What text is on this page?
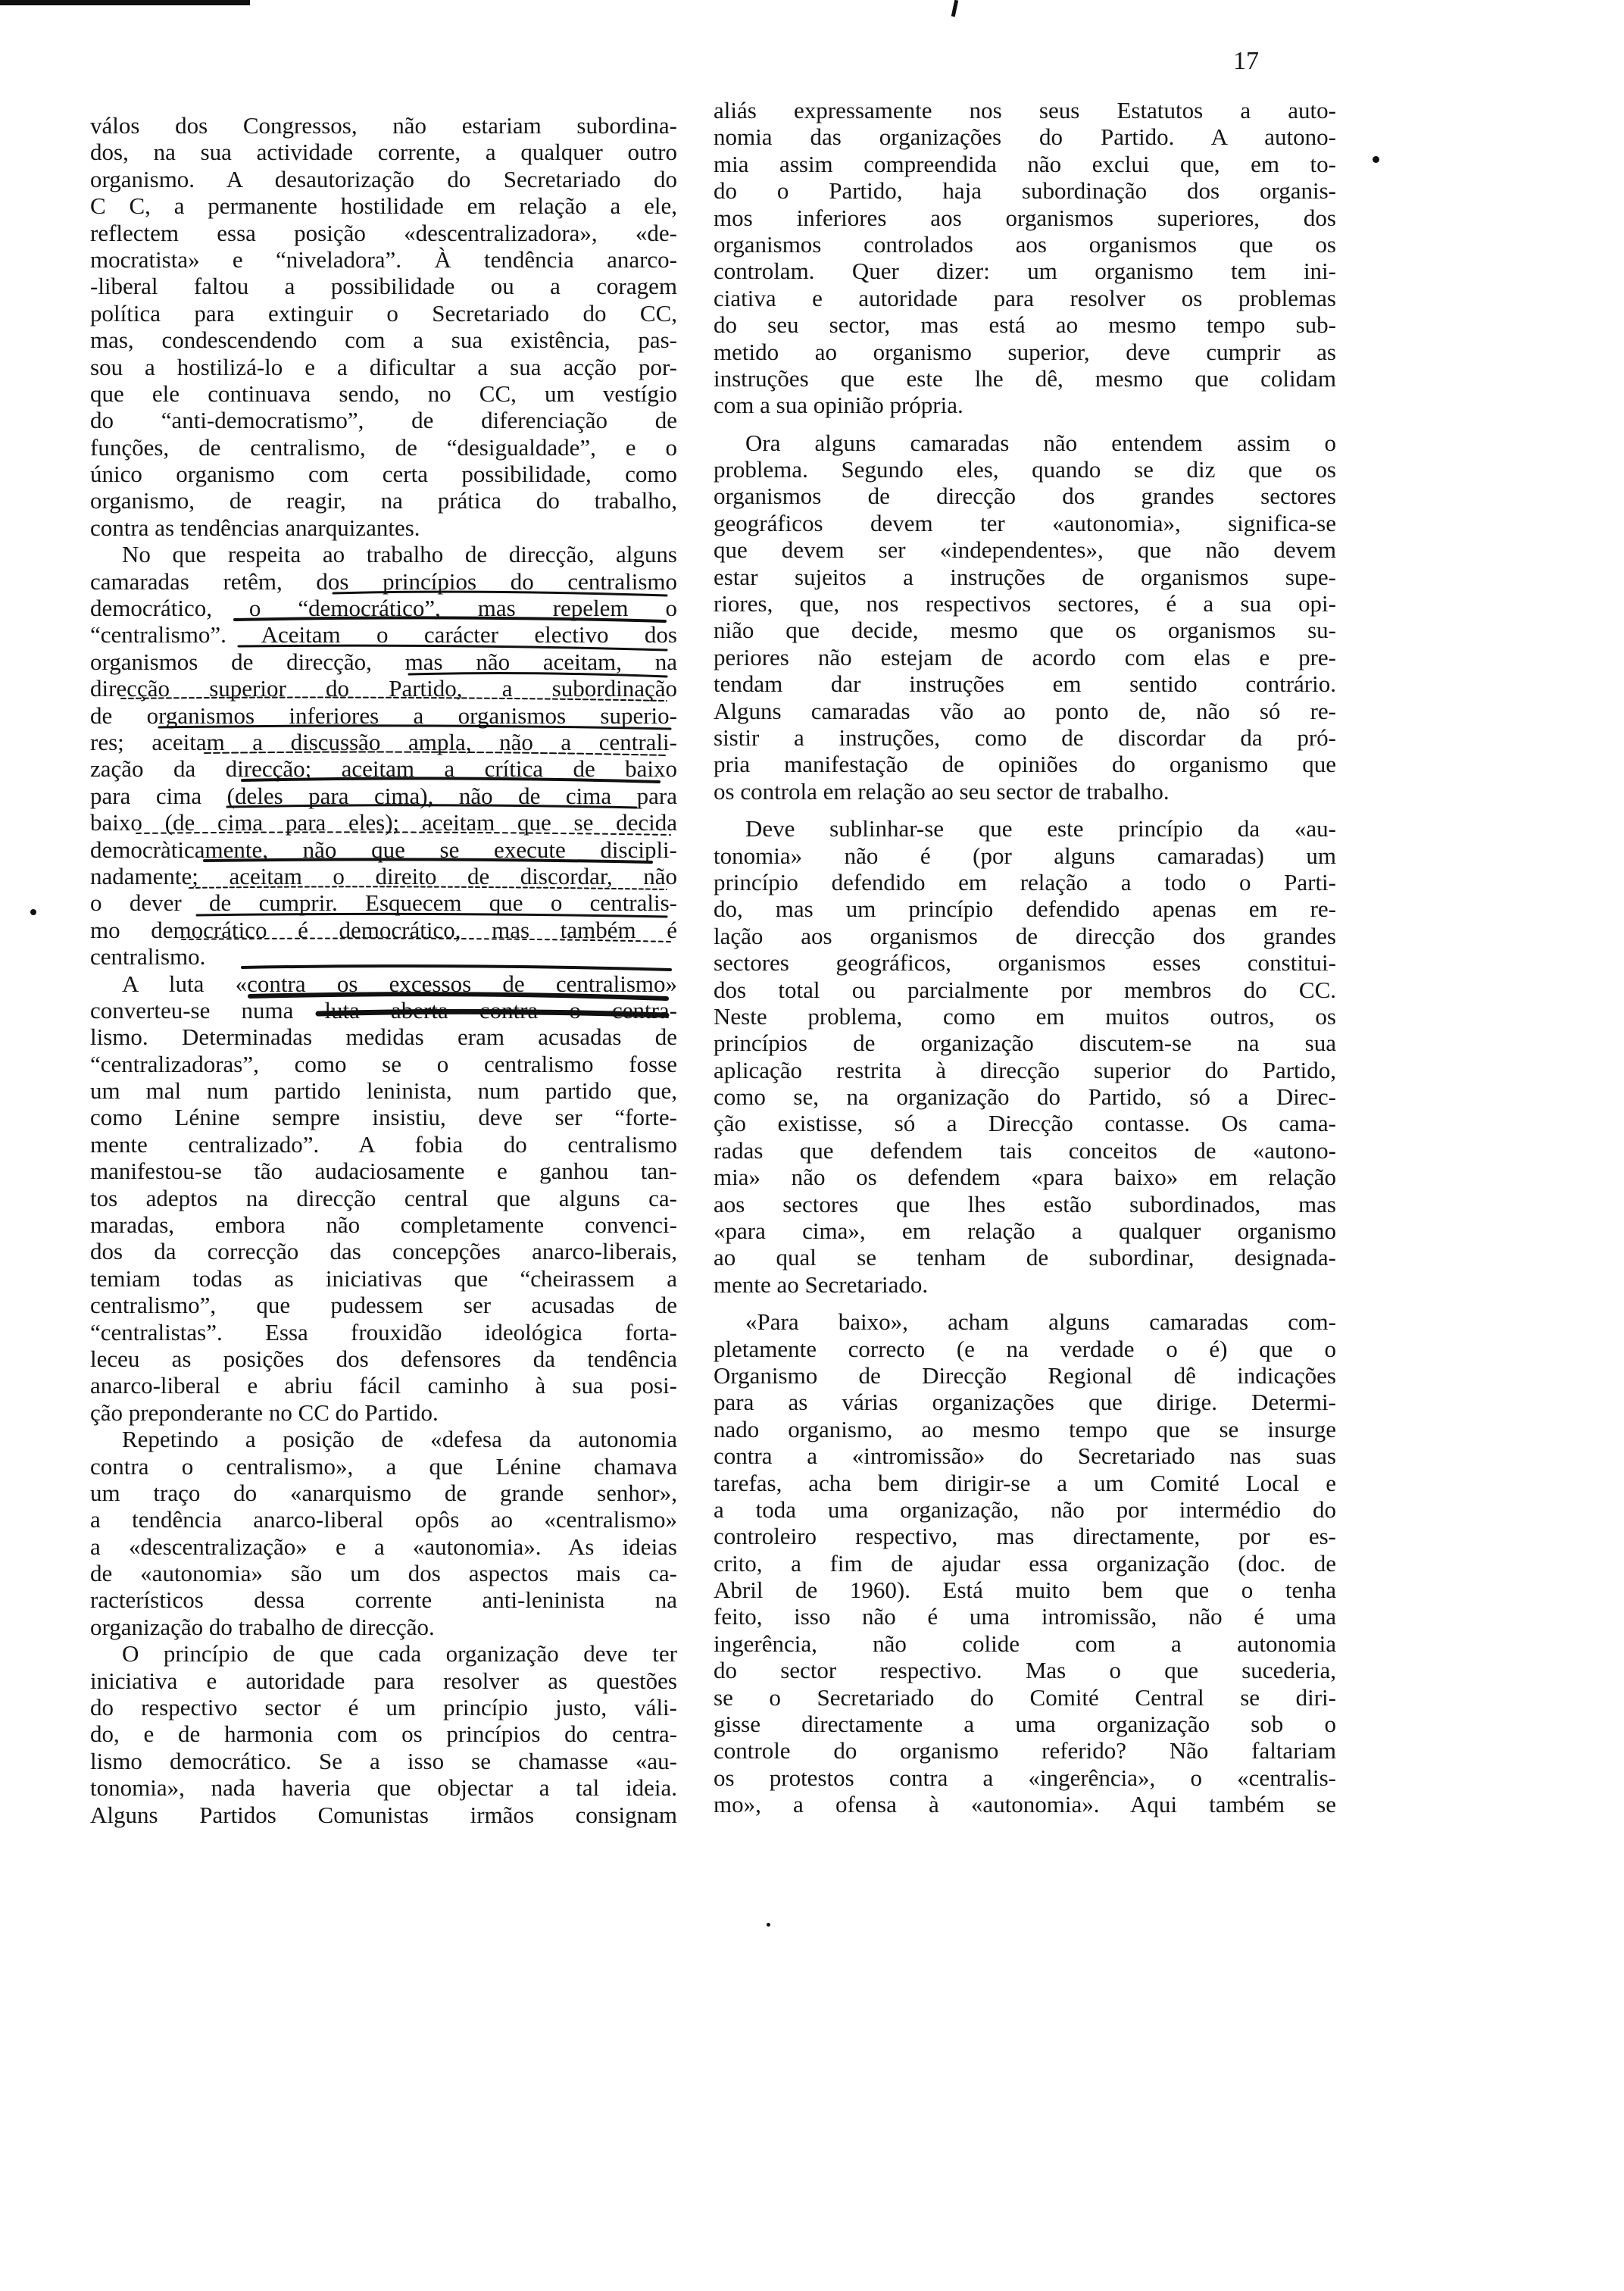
17
válos dos Congressos, não estariam subordina-
dos, na sua actividade corrente, a qualquer outro
organismo. A desautorização do Secretariado do
C C, a permanente hostilidade em relação a ele,
reflectem essa posição «descentralizadora», «de-
mocratista» e “niveladora”. À tendência anarco-
-liberal faltou a possibilidade ou a coragem
política para extinguir o Secretariado do CC,
mas, condescendendo com a sua existência, pas-
sou a hostilizá-lo e a dificultar a sua acção por-
que ele continuava sendo, no CC, um vestígio
do “anti-democratismo”, de diferenciação de
funções, de centralismo, de “desigualdade”, e o
único organismo com certa possibilidade, como
organismo, de reagir, na prática do trabalho,
contra as tendências anarquizantes.
No que respeita ao trabalho de direcção, alguns
camaradas retêm, dos princípios do centralismo
democrático, o “democrático”, mas repelem o
“centralismo”. Aceitam o carácter electivo dos
organismos de direcção, mas não aceitam, na
direcção superior do Partido, a subordinação
de organismos inferiores a organismos superio-
res; aceitam a discussão ampla, não a centrali-
zação da direcção; aceitam a crítica de baixo
para cima (deles para cima), não de cima para
baixo (de cima para eles); aceitam que se decida
democràticamente, não que se execute discipli-
nadamente; aceitam o direito de discordar, não
o dever de cumprir. Esquecem que o centralis-
mo democrático é democrático, mas também é
centralismo.
A luta «contra os excessos de centralismo»
converteu-se numa luta aberta contra o centra-
lismo. Determinadas medidas eram acusadas de
“centralizadoras”, como se o centralismo fosse
um mal num partido leninista, num partido que,
como Lénine sempre insistiu, deve ser “forte-
mente centralizado”. A fobia do centralismo
manifestou-se tão audaciosamente e ganhou tan-
tos adeptos na direcção central que alguns ca-
maradas, embora não completamente convenci-
dos da correcção das concepções anarco-liberais,
temiam todas as iniciativas que “cheirassem a
centralismo”, que pudessem ser acusadas de
“centralistas”. Essa frouxidão ideológica forta-
leceu as posições dos defensores da tendência
anarco-liberal e abriu fácil caminho à sua posi-
ção preponderante no CC do Partido.
Repetindo a posição de «defesa da autonomia
contra o centralismo», a que Lénine chamava
um traço do «anarquismo de grande senhor»,
a tendência anarco-liberal opôs ao «centralismo»
a «descentralização» e a «autonomia». As ideias
de «autonomia» são um dos aspectos mais ca-
racterísticos dessa corrente anti-leninista na
organização do trabalho de direcção.
O princípio de que cada organização deve ter
iniciativa e autoridade para resolver as questões
do respectivo sector é um princípio justo, váli-
do, e de harmonia com os princípios do centra-
lismo democrático. Se a isso se chamasse «au-
tonomia», nada haveria que objectar a tal ideia.
Alguns Partidos Comunistas irmãos consignam
aliás expressamente nos seus Estatutos a auto-
nomia das organizações do Partido. A autono-
mia assim compreendida não exclui que, em to-
do o Partido, haja subordinação dos organis-
mos inferiores aos organismos superiores, dos
organismos controlados aos organismos que os
controlam. Quer dizer: um organismo tem ini-
ciativa e autoridade para resolver os problemas
do seu sector, mas está ao mesmo tempo sub-
metido ao organismo superior, deve cumprir as
instruções que este lhe dê, mesmo que colidam
com a sua opinião própria.
Ora alguns camaradas não entendem assim o
problema. Segundo eles, quando se diz que os
organismos de direcção dos grandes sectores
geográficos devem ter «autonomia», significa-se
que devem ser «independentes», que não devem
estar sujeitos a instruções de organismos supe-
riores, que, nos respectivos sectores, é a sua opi-
nião que decide, mesmo que os organismos su-
periores não estejam de acordo com elas e pre-
tendam dar instruções em sentido contrário.
Alguns camaradas vão ao ponto de, não só re-
sistir a instruções, como de discordar da pró-
pria manifestação de opiniões do organismo que
os controla em relação ao seu sector de trabalho.
Deve sublinhar-se que este princípio da «au-
tonomia» não é (por alguns camaradas) um
princípio defendido em relação a todo o Parti-
do, mas um princípio defendido apenas em re-
lação aos organismos de direcção dos grandes
sectores geográficos, organismos esses constitui-
dos total ou parcialmente por membros do CC.
Neste problema, como em muitos outros, os
princípios de organização discutem-se na sua
aplicação restrita à direcção superior do Partido,
como se, na organização do Partido, só a Direc-
ção existisse, só a Direcção contasse. Os cama-
radas que defendem tais conceitos de «autono-
mia» não os defendem «para baixo» em relação
aos sectores que lhes estão subordinados, mas
«para cima», em relação a qualquer organismo
ao qual se tenham de subordinar, designada-
mente ao Secretariado.
«Para baixo», acham alguns camaradas com-
pletamente correcto (e na verdade o é) que o
Organismo de Direcção Regional dê indicações
para as várias organizações que dirige. Determi-
nado organismo, ao mesmo tempo que se insurge
contra a «intromissão» do Secretariado nas suas
tarefas, acha bem dirigir-se a um Comité Local e
a toda uma organização, não por intermédio do
controleiro respectivo, mas directamente, por es-
crito, a fim de ajudar essa organização (doc. de
Abril de 1960). Está muito bem que o tenha
feito, isso não é uma intromissão, não é uma
ingerência, não colide com a autonomia
do sector respectivo. Mas o que sucederia,
se o Secretariado do Comité Central se diri-
gisse directamente a uma organização sob o
controle do organismo referido? Não faltariam
os protestos contra a «ingerência», o «centralis-
mo», a ofensa à «autonomia». Aqui também se
